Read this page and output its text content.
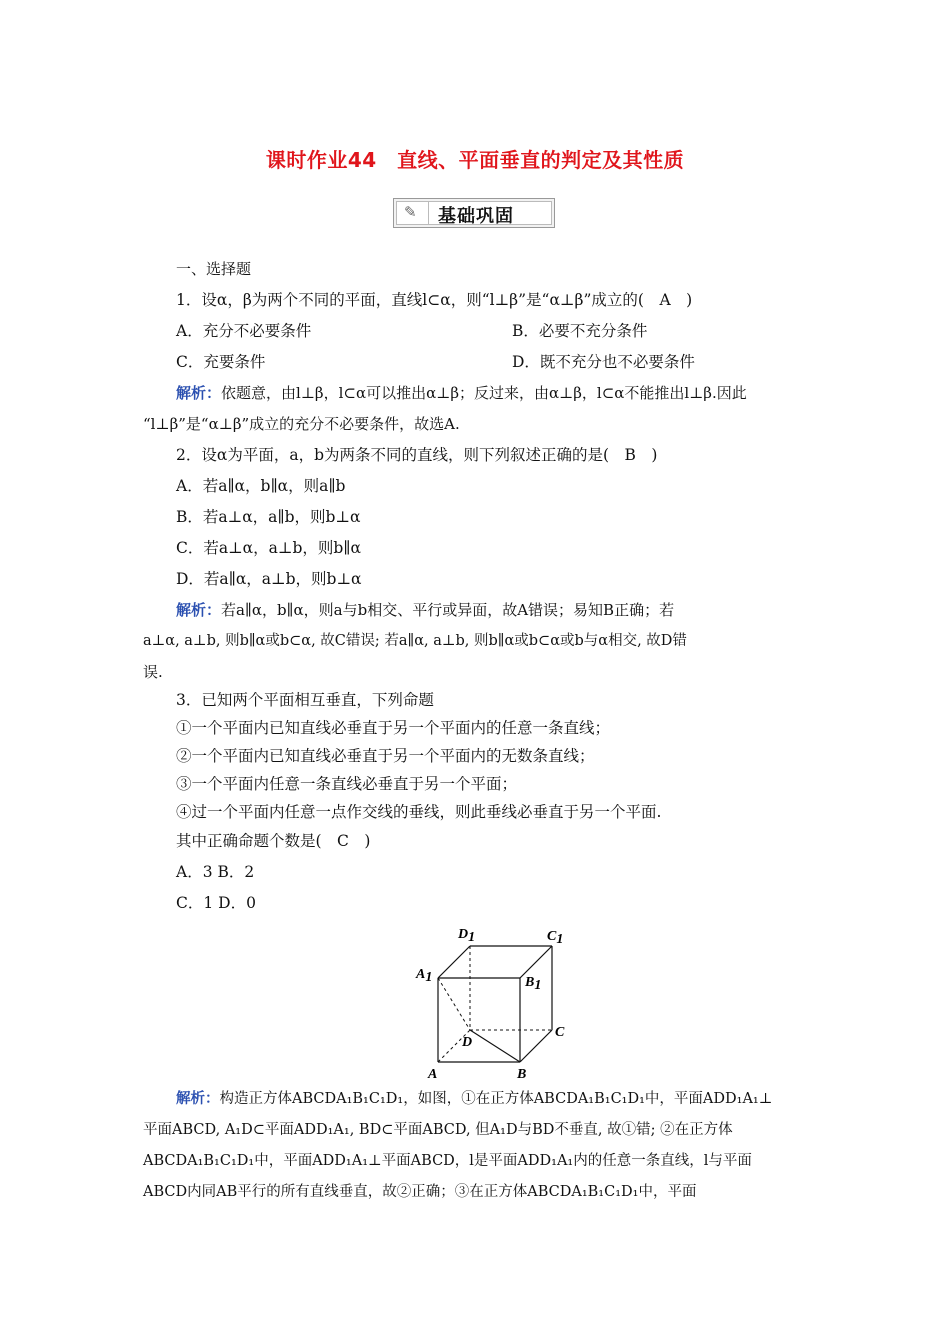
课时作业44　直线、平面垂直的判定及其性质
✎ 基础巩固
一、选择题
1．设α，β为两个不同的平面，直线l⊂α，则“l⊥β”是“α⊥β”成立的(　A　)
A．充分不必要条件	B．必要不充分条件
C．充要条件	D．既不充分也不必要条件
解析：依题意，由l⊥β，l⊂α可以推出α⊥β；反过来，由α⊥β，l⊂α不能推出l⊥β.因此
“l⊥β”是“α⊥β”成立的充分不必要条件，故选A.
2．设α为平面，a，b为两条不同的直线，则下列叙述正确的是(　B　)
A．若a∥α，b∥α，则a∥b
B．若a⊥α，a∥b，则b⊥α
C．若a⊥α，a⊥b，则b∥α
D．若a∥α，a⊥b，则b⊥α
解析：若a∥α，b∥α，则a与b相交、平行或异面，故A错误；易知B正确；若
a⊥α, a⊥b, 则b∥α或b⊂α, 故C错误; 若a∥α, a⊥b, 则b∥α或b⊂α或b与α相交, 故D错
误.
3．已知两个平面相互垂直，下列命题
①一个平面内已知直线必垂直于另一个平面内的任意一条直线；
②一个平面内已知直线必垂直于另一个平面内的无数条直线；
③一个平面内任意一条直线必垂直于另一个平面；
④过一个平面内任意一点作交线的垂线，则此垂线必垂直于另一个平面.
其中正确命题个数是(　C　)
A．3 B．2
C．1 D．0
D1	C1
A1	B1
C
D
A	B
解析：构造正方体ABCDA₁B₁C₁D₁，如图，①在正方体ABCDA₁B₁C₁D₁中，平面ADD₁A₁⊥
平面ABCD, A₁D⊂平面ADD₁A₁, BD⊂平面ABCD, 但A₁D与BD不垂直, 故①错; ②在正方体
ABCDA₁B₁C₁D₁中，平面ADD₁A₁⊥平面ABCD，l是平面ADD₁A₁内的任意一条直线，l与平面
ABCD内同AB平行的所有直线垂直，故②正确；③在正方体ABCDA₁B₁C₁D₁中，平面
